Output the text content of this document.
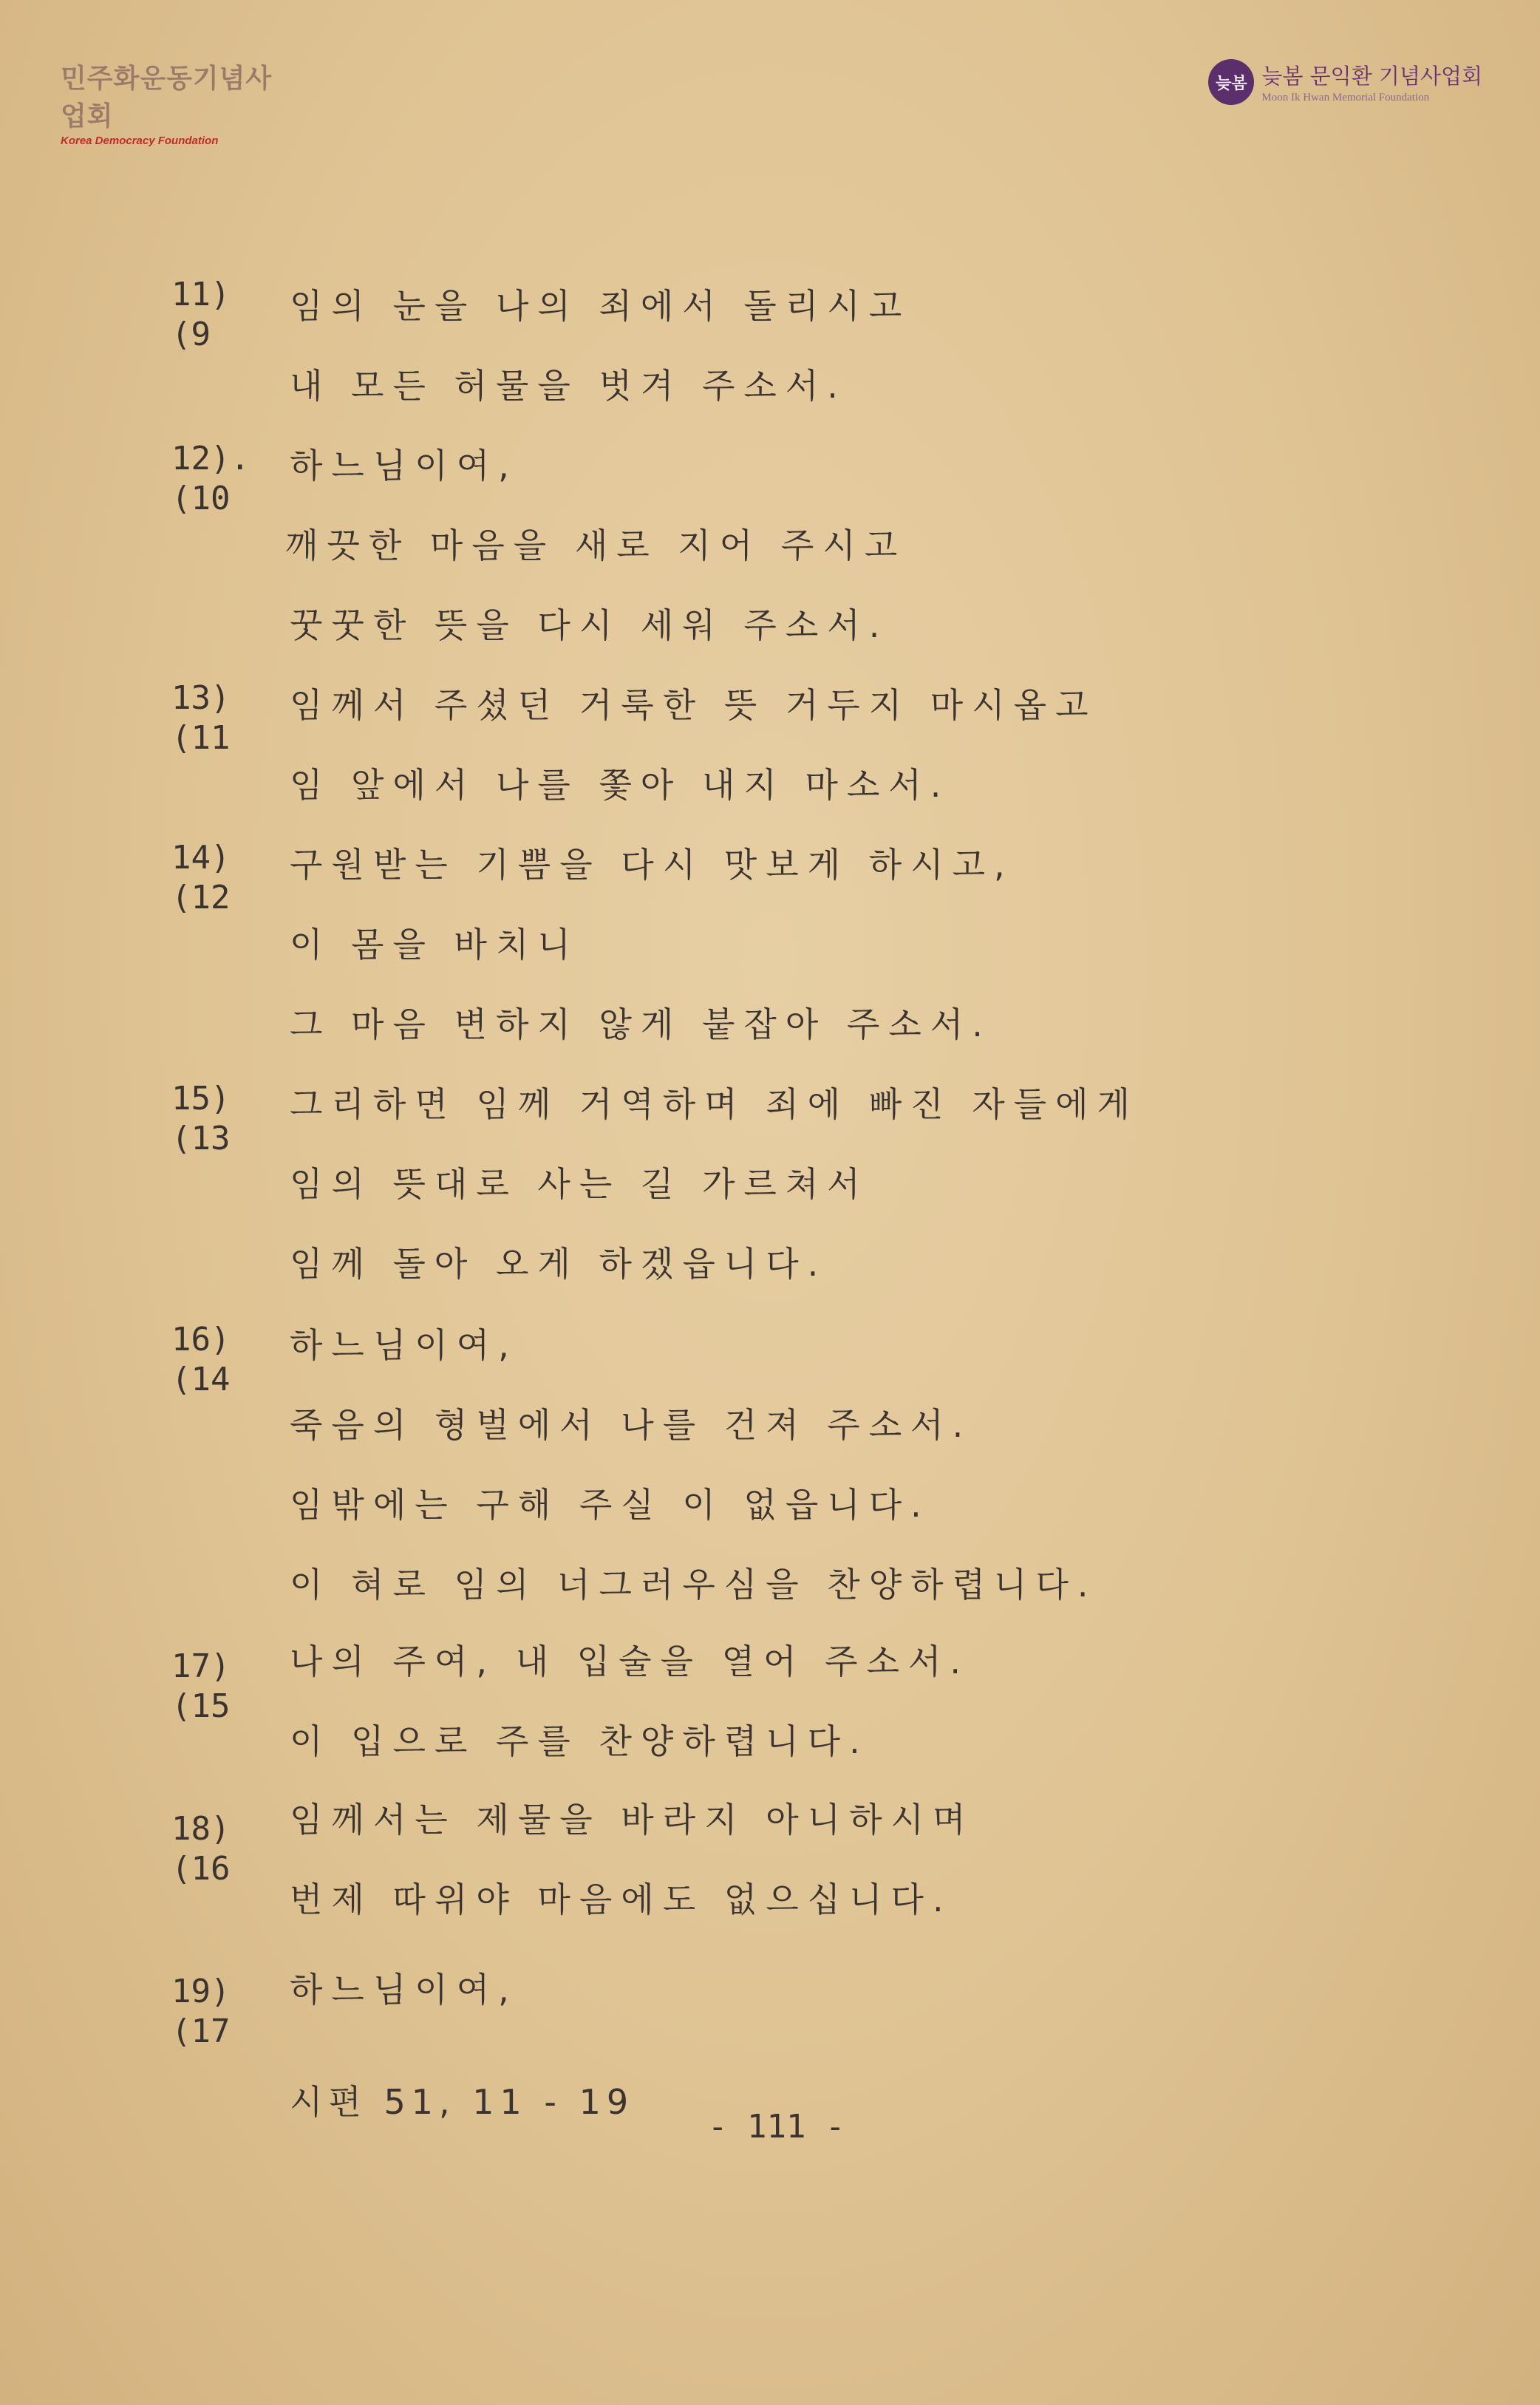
민주화운동기념사업회
Korea Democracy Foundation
늦봄 늦봄 문익환 기념사업회
Moon Ik Hwan Memorial Foundation
11)
(9
임의 눈을 나의 죄에서 돌리시고
내 모든 허물을 벗겨 주소서.
12).
(10
하느님이여,
깨끗한 마음을 새로 지어 주시고
꿋꿋한 뜻을 다시 세워 주소서.
13)
(11
임께서 주셨던 거룩한 뜻 거두지 마시옵고
임 앞에서 나를 쫓아 내지 마소서.
14)
(12
구원받는 기쁨을 다시 맛보게 하시고,
이 몸을 바치니
그 마음 변하지 않게 붙잡아 주소서.
15)
(13
그리하면 임께 거역하며 죄에 빠진 자들에게
임의 뜻대로 사는 길 가르쳐서
임께 돌아 오게 하겠읍니다.
16)
(14
하느님이여,
죽음의 형벌에서 나를 건져 주소서.
임밖에는 구해 주실 이 없읍니다.
이 혀로 임의 너그러우심을 찬양하렵니다.
17)
(15
나의 주여, 내 입술을 열어 주소서.
이 입으로 주를 찬양하렵니다.
18)
(16
임께서는 제물을 바라지 아니하시며
번제 따위야 마음에도 없으십니다.
19)
(17
하느님이여,
시편 51, 11 - 19
- 111 -
